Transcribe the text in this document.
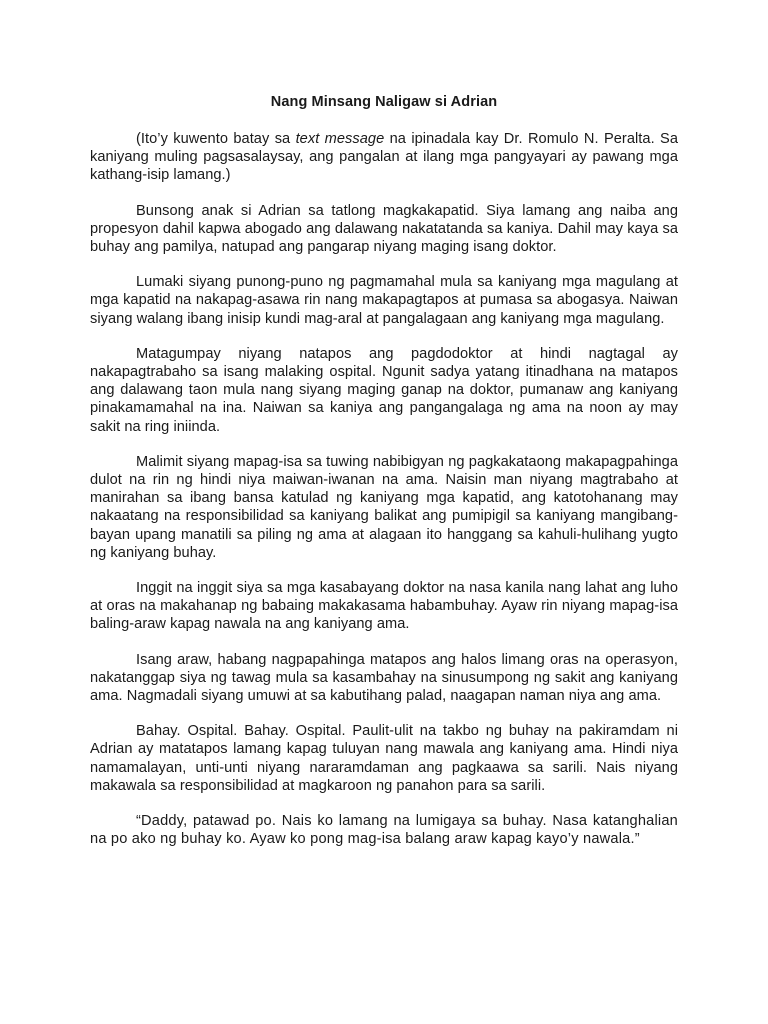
Nang Minsang Naligaw si Adrian

(Ito’y kuwento batay sa text message na ipinadala kay Dr. Romulo N. Peralta. Sa kaniyang muling pagsasalaysay, ang pangalan at ilang mga pangyayari ay pawang mga kathang-isip lamang.)

Bunsong anak si Adrian sa tatlong magkakapatid. Siya lamang ang naiba ang propesyon dahil kapwa abogado ang dalawang nakatatanda sa kaniya. Dahil may kaya sa buhay ang pamilya, natupad ang pangarap niyang maging isang doktor.

Lumaki siyang punong-puno ng pagmamahal mula sa kaniyang mga magulang at mga kapatid na nakapag-asawa rin nang makapagtapos at pumasa sa abogasya. Naiwan siyang walang ibang inisip kundi mag-aral at pangalagaan ang kaniyang mga magulang.

Matagumpay niyang natapos ang pagdodoktor at hindi nagtagal ay nakapagtrabaho sa isang malaking ospital. Ngunit sadya yatang itinadhana na matapos ang dalawang taon mula nang siyang maging ganap na doktor, pumanaw ang kaniyang pinakamamahal na ina. Naiwan sa kaniya ang pangangalaga ng ama na noon ay may sakit na ring iniinda.

Malimit siyang mapag-isa sa tuwing nabibigyan ng pagkakataong makapagpahinga dulot na rin ng hindi niya maiwan-iwanan na ama. Naisin man niyang magtrabaho at manirahan sa ibang bansa katulad ng kaniyang mga kapatid, ang katotohanang may nakaatang na responsibilidad sa kaniyang balikat ang pumipigil sa kaniyang mangibang-bayan upang manatili sa piling ng ama at alagaan ito hanggang sa kahuli-hulihang yugto ng kaniyang buhay.

Inggit na inggit siya sa mga kasabayang doktor na nasa kanila nang lahat ang luho at oras na makahanap ng babaing makakasama habambuhay. Ayaw rin niyang mapag-isa baling-araw kapag nawala na ang kaniyang ama.

Isang araw, habang nagpapahinga matapos ang halos limang oras na operasyon, nakatanggap siya ng tawag mula sa kasambahay na sinusumpong ng sakit ang kaniyang ama. Nagmadali siyang umuwi at sa kabutihang palad, naagapan naman niya ang ama.

Bahay. Ospital. Bahay. Ospital. Paulit-ulit na takbo ng buhay na pakiramdam ni Adrian ay matatapos lamang kapag tuluyan nang mawala ang kaniyang ama. Hindi niya namamalayan, unti-unti niyang nararamdaman ang pagkaawa sa sarili. Nais niyang makawala sa responsibilidad at magkaroon ng panahon para sa sarili.

“Daddy, patawad po. Nais ko lamang na lumigaya sa buhay. Nasa katanghalian na po ako ng buhay ko. Ayaw ko pong mag-isa balang araw kapag kayo’y nawala.”
